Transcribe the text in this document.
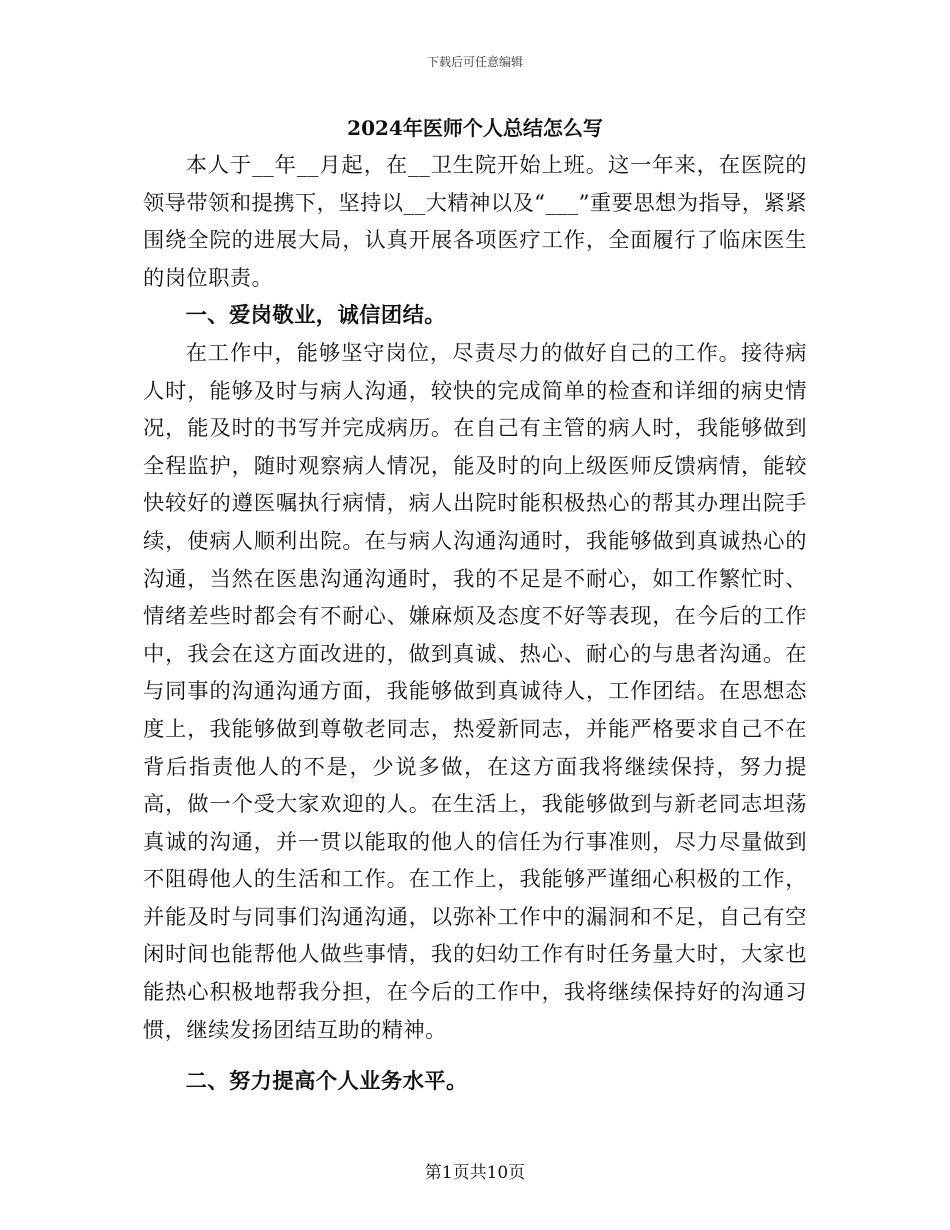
下载后可任意编辑
2024年医师个人总结怎么写

本人于__年__月起，在__卫生院开始上班。这一年来，在医院的领导带领和提携下，坚持以__大精神以及“___”重要思想为指导，紧紧围绕全院的进展大局，认真开展各项医疗工作，全面履行了临床医生的岗位职责。

一、爱岗敬业，诚信团结。

在工作中，能够坚守岗位，尽责尽力的做好自己的工作。接待病人时，能够及时与病人沟通，较快的完成简单的检查和详细的病史情况，能及时的书写并完成病历。在自己有主管的病人时，我能够做到全程监护，随时观察病人情况，能及时的向上级医师反馈病情，能较快较好的遵医嘱执行病情，病人出院时能积极热心的帮其办理出院手续，使病人顺利出院。在与病人沟通沟通时，我能够做到真诚热心的沟通，当然在医患沟通沟通时，我的不足是不耐心，如工作繁忙时、情绪差些时都会有不耐心、嫌麻烦及态度不好等表现，在今后的工作中，我会在这方面改进的，做到真诚、热心、耐心的与患者沟通。在与同事的沟通沟通方面，我能够做到真诚待人，工作团结。在思想态度上，我能够做到尊敬老同志，热爱新同志，并能严格要求自己不在背后指责他人的不是，少说多做，在这方面我将继续保持，努力提高，做一个受大家欢迎的人。在生活上，我能够做到与新老同志坦荡真诚的沟通，并一贯以能取的他人的信任为行事准则，尽力尽量做到不阻碍他人的生活和工作。在工作上，我能够严谨细心积极的工作，并能及时与同事们沟通沟通，以弥补工作中的漏洞和不足，自己有空闲时间也能帮他人做些事情，我的妇幼工作有时任务量大时，大家也能热心积极地帮我分担，在今后的工作中，我将继续保持好的沟通习惯，继续发扬团结互助的精神。

二、努力提高个人业务水平。

第1页共10页
